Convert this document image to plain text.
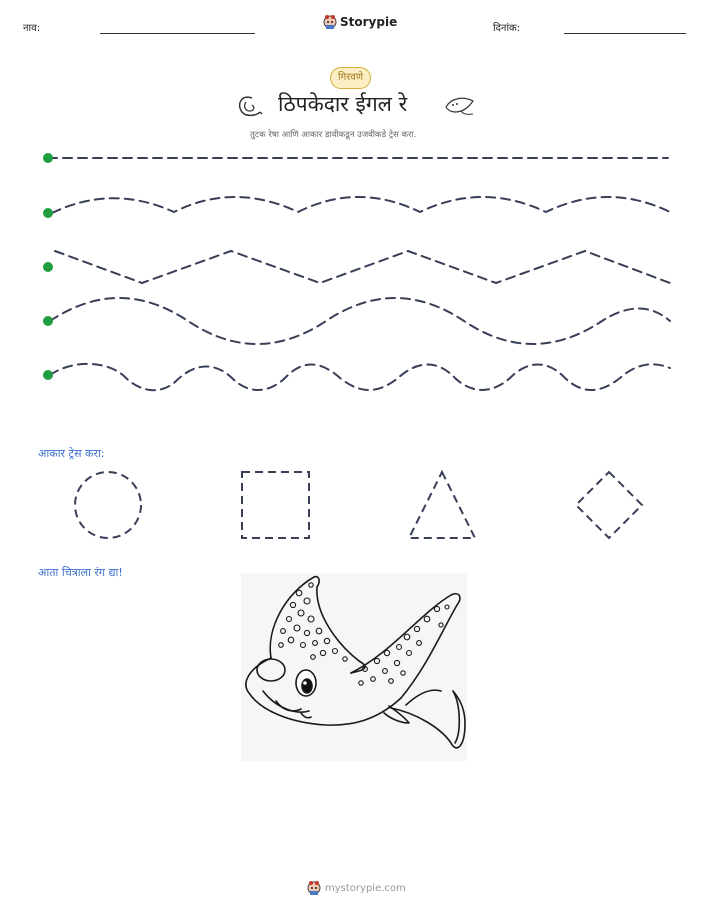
नाव:	Storypie	दिनांक:
गिरवणे
ठिपकेदार ईगल रे
तुटक रेषा आणि आकार डावीकडून उजवीकडे ट्रेस करा.
आकार ट्रेस करा:
आता चित्राला रंग द्या!
mystorypie.com
